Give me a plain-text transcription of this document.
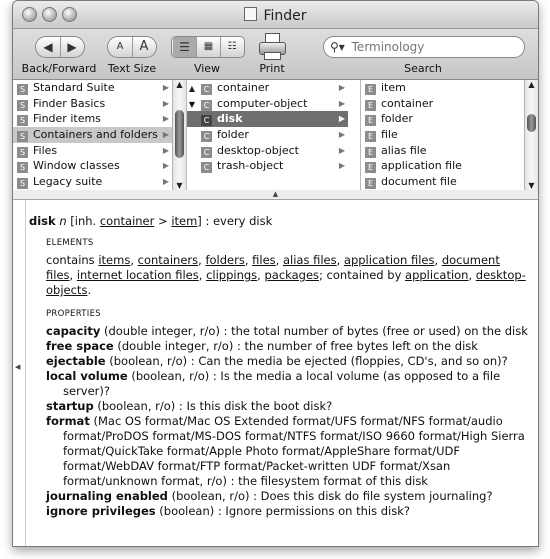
Finder
◀ ▶
Back/Forward
A A
Text Size
☰ ▦ ☷
View	Print
⚲▾ Terminology
Search
S Standard Suite	▶
S Finder Basics	▶
S Finder items	▶
S Containers and folders ▶
S Files	▶
S Window classes	▶
S Legacy suite	▶
▲
▼
▲ C container	▶
▼ C computer-object	▶
C disk	▶
C folder	▶
C desktop-object	▶
C trash-object	▶
E item
E container
E folder
E file
E alias file
E application file
E document file
▲
▼
▲
◀
disk n [inh. container > item] : every disk
ELEMENTS
contains items, containers, folders, files, alias files, application files, document files, internet location files, clippings, packages; contained by application, desktop-objects.
PROPERTIES
capacity (double integer, r/o) : the total number of bytes (free or used) on the disk
free space (double integer, r/o) : the number of free bytes left on the disk
ejectable (boolean, r/o) : Can the media be ejected (floppies, CD's, and so on)?
local volume (boolean, r/o) : Is the media a local volume (as opposed to a file server)?
startup (boolean, r/o) : Is this disk the boot disk?
format (Mac OS format/Mac OS Extended format/UFS format/NFS format/audio format/ProDOS format/MS-DOS format/NTFS format/ISO 9660 format/High Sierra format/QuickTake format/Apple Photo format/AppleShare format/UDF format/WebDAV format/FTP format/Packet-written UDF format/Xsan format/unknown format, r/o) : the filesystem format of this disk
journaling enabled (boolean, r/o) : Does this disk do file system journaling?
ignore privileges (boolean) : Ignore permissions on this disk?
